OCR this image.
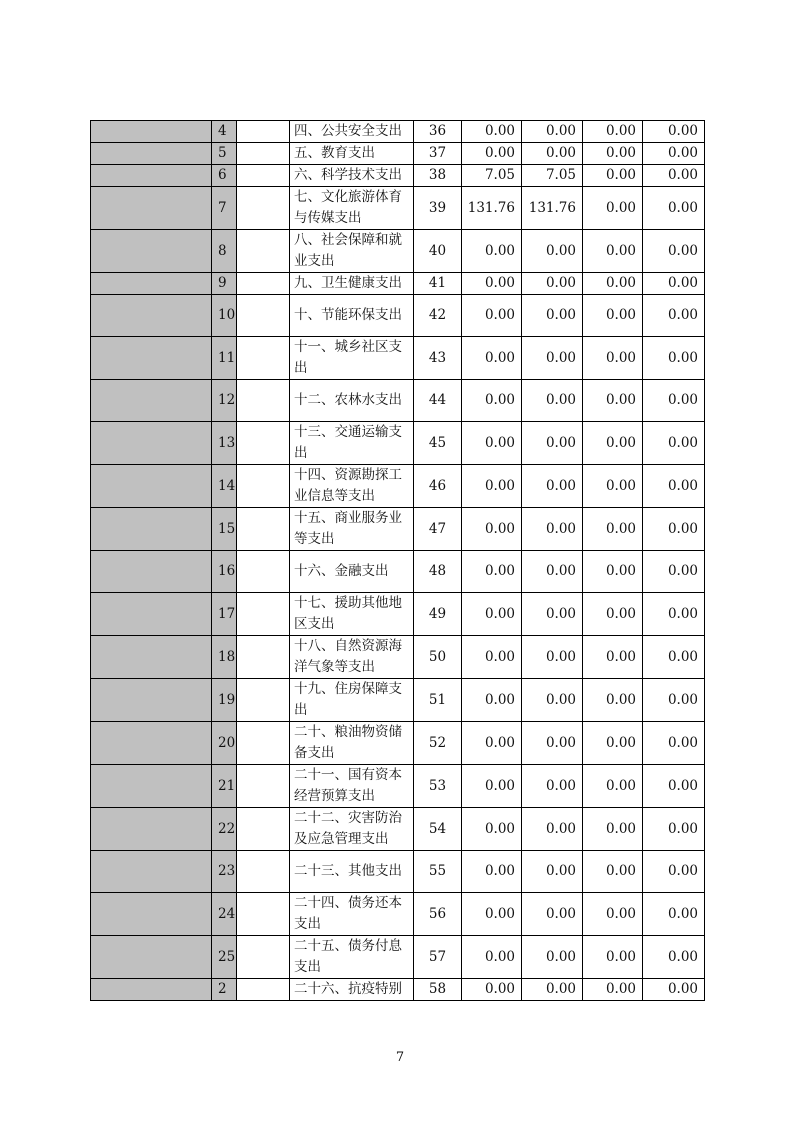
	4		四、公共安全支出	36	0.00	0.00	0.00	0.00
	5		五、教育支出	37	0.00	0.00	0.00	0.00
	6		六、科学技术支出	38	7.05	7.05	0.00	0.00
	7		七、文化旅游体育与传媒支出	39	131.76	131.76	0.00	0.00
	8		八、社会保障和就业支出	40	0.00	0.00	0.00	0.00
	9		九、卫生健康支出	41	0.00	0.00	0.00	0.00
	10		十、节能环保支出	42	0.00	0.00	0.00	0.00
	11		十一、城乡社区支出	43	0.00	0.00	0.00	0.00
	12		十二、农林水支出	44	0.00	0.00	0.00	0.00
	13		十三、交通运输支出	45	0.00	0.00	0.00	0.00
	14		十四、资源勘探工业信息等支出	46	0.00	0.00	0.00	0.00
	15		十五、商业服务业等支出	47	0.00	0.00	0.00	0.00
	16		十六、金融支出	48	0.00	0.00	0.00	0.00
	17		十七、援助其他地区支出	49	0.00	0.00	0.00	0.00
	18		十八、自然资源海洋气象等支出	50	0.00	0.00	0.00	0.00
	19		十九、住房保障支出	51	0.00	0.00	0.00	0.00
	20		二十、粮油物资储备支出	52	0.00	0.00	0.00	0.00
	21		二十一、国有资本经营预算支出	53	0.00	0.00	0.00	0.00
	22		二十二、灾害防治及应急管理支出	54	0.00	0.00	0.00	0.00
	23		二十三、其他支出	55	0.00	0.00	0.00	0.00
	24		二十四、债务还本支出	56	0.00	0.00	0.00	0.00
	25		二十五、债务付息支出	57	0.00	0.00	0.00	0.00
	2		二十六、抗疫特别	58	0.00	0.00	0.00	0.00
7
